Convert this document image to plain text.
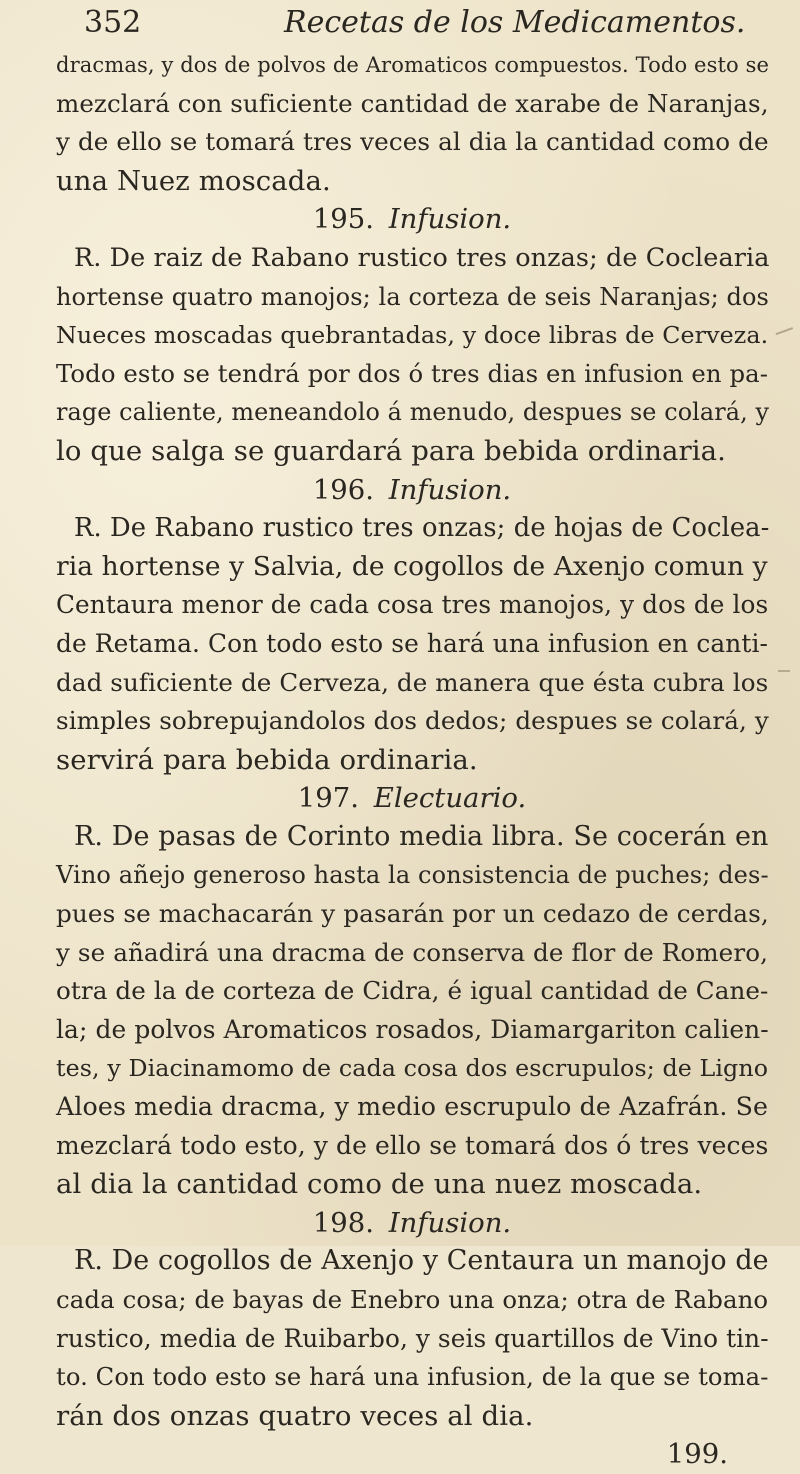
352	Recetas de los Medicamentos.
dracmas, y dos de polvos de Aromaticos compuestos. Todo esto se
mezclará con suficiente cantidad de xarabe de Naranjas,
y de ello se tomará tres veces al dia la cantidad como de
una Nuez moscada.
195. Infusion.
R. De raiz de Rabano rustico tres onzas; de Coclearia
hortense quatro manojos; la corteza de seis Naranjas; dos
Nueces moscadas quebrantadas, y doce libras de Cerveza.
Todo esto se tendrá por dos ó tres dias en infusion en pa-
rage caliente, meneandolo á menudo, despues se colará, y
lo que salga se guardará para bebida ordinaria.
196. Infusion.
R. De Rabano rustico tres onzas; de hojas de Coclea-
ria hortense y Salvia, de cogollos de Axenjo comun y
Centaura menor de cada cosa tres manojos, y dos de los
de Retama. Con todo esto se hará una infusion en canti-
dad suficiente de Cerveza, de manera que ésta cubra los
simples sobrepujandolos dos dedos; despues se colará, y
servirá para bebida ordinaria.
197. Electuario.
R. De pasas de Corinto media libra. Se cocerán en
Vino añejo generoso hasta la consistencia de puches; des-
pues se machacarán y pasarán por un cedazo de cerdas,
y se añadirá una dracma de conserva de flor de Romero,
otra de la de corteza de Cidra, é igual cantidad de Cane-
la; de polvos Aromaticos rosados, Diamargariton calien-
tes, y Diacinamomo de cada cosa dos escrupulos; de Ligno
Aloes media dracma, y medio escrupulo de Azafrán. Se
mezclará todo esto, y de ello se tomará dos ó tres veces
al dia la cantidad como de una nuez moscada.
198. Infusion.
R. De cogollos de Axenjo y Centaura un manojo de
cada cosa; de bayas de Enebro una onza; otra de Rabano
rustico, media de Ruibarbo, y seis quartillos de Vino tin-
to. Con todo esto se hará una infusion, de la que se toma-
rán dos onzas quatro veces al dia.
199.
